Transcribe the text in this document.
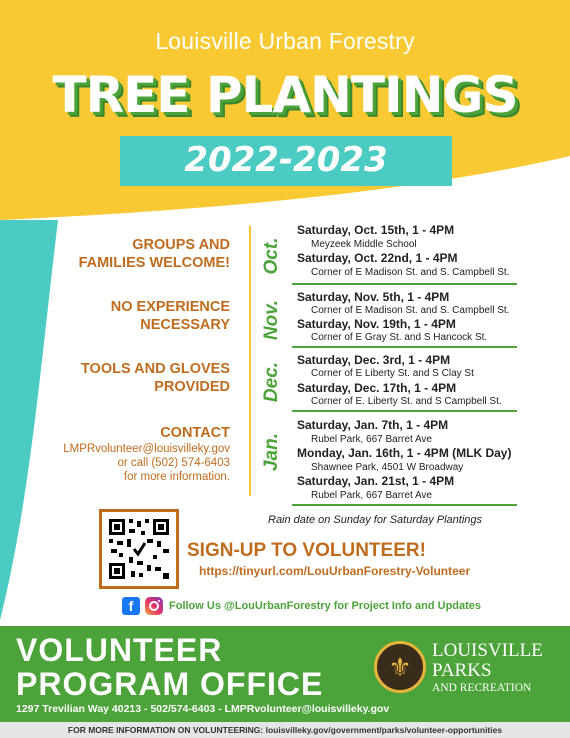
Louisville Urban Forestry
TREE PLANTINGS
2022-2023
GROUPS AND
FAMILIES WELCOME!
NO EXPERIENCE
NECESSARY
TOOLS AND GLOVES
PROVIDED
CONTACT
LMPRvolunteer@louisvilleky.gov
or call (502) 574-6403
for more information.
Oct.
Nov.
Dec.
Jan.
Saturday, Oct. 15th, 1 - 4PM
Meyzeek Middle School
Saturday, Oct. 22nd, 1 - 4PM
Corner of E Madison St. and S. Campbell St.
Saturday, Nov. 5th, 1 - 4PM
Corner of E Madison St. and S. Campbell St.
Saturday, Nov. 19th, 1 - 4PM
Corner of E Gray St. and S Hancock St.
Saturday, Dec. 3rd, 1 - 4PM
Corner of E Liberty St. and S Clay St
Saturday, Dec. 17th, 1 - 4PM
Corner of E. Liberty St. and S Campbell St.
Saturday, Jan. 7th, 1 - 4PM
Rubel Park, 667 Barret Ave
Monday, Jan. 16th, 1 - 4PM (MLK Day)
Shawnee Park, 4501 W Broadway
Saturday, Jan. 21st, 1 - 4PM
Rubel Park, 667 Barret Ave
Rain date on Sunday for Saturday Plantings
SIGN-UP TO VOLUNTEER!
https://tinyurl.com/LouUrbanForestry-Volunteer
f	Follow Us @LouUrbanForestry for Project Info and Updates
VOLUNTEER
PROGRAM OFFICE
1297 Trevilian Way 40213 - 502/574-6403 - LMPRvolunteer@louisvilleky.gov
⚜
LOUISVILLE
PARKS
AND RECREATION
FOR MORE INFORMATION ON VOLUNTEERING: louisvilleky.gov/government/parks/volunteer-opportunities
